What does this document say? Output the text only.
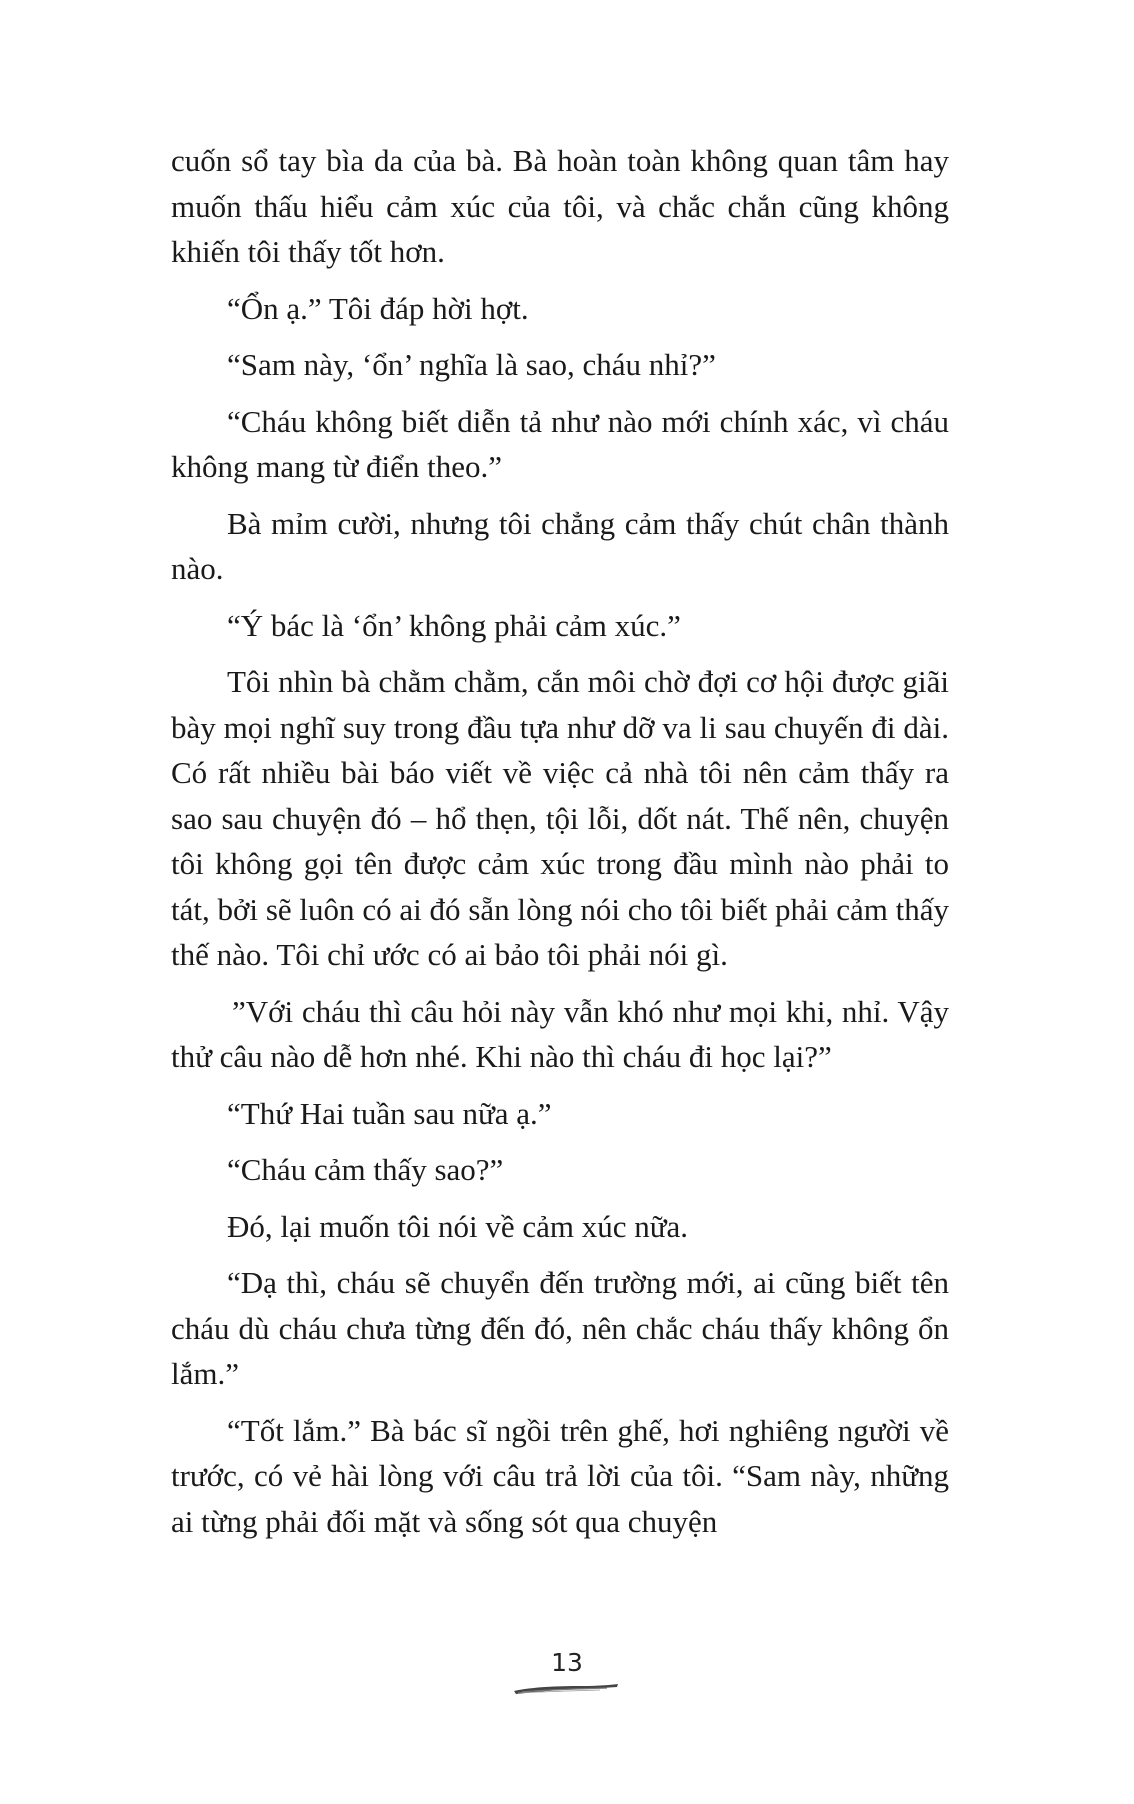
cuốn sổ tay bìa da của bà. Bà hoàn toàn không quan tâm hay muốn thấu hiểu cảm xúc của tôi, và chắc chắn cũng không khiến tôi thấy tốt hơn.

“Ổn ạ.” Tôi đáp hời hợt.

“Sam này, ‘ổn’ nghĩa là sao, cháu nhỉ?”

“Cháu không biết diễn tả như nào mới chính xác, vì cháu không mang từ điển theo.”

Bà mỉm cười, nhưng tôi chẳng cảm thấy chút chân thành nào.

“Ý bác là ‘ổn’ không phải cảm xúc.”

Tôi nhìn bà chằm chằm, cắn môi chờ đợi cơ hội được giãi bày mọi nghĩ suy trong đầu tựa như dỡ va li sau chuyến đi dài. Có rất nhiều bài báo viết về việc cả nhà tôi nên cảm thấy ra sao sau chuyện đó – hổ thẹn, tội lỗi, dốt nát. Thế nên, chuyện tôi không gọi tên được cảm xúc trong đầu mình nào phải to tát, bởi sẽ luôn có ai đó sẵn lòng nói cho tôi biết phải cảm thấy thế nào. Tôi chỉ ước có ai bảo tôi phải nói gì.

”Với cháu thì câu hỏi này vẫn khó như mọi khi, nhỉ. Vậy thử câu nào dễ hơn nhé. Khi nào thì cháu đi học lại?”

“Thứ Hai tuần sau nữa ạ.”

“Cháu cảm thấy sao?”

Đó, lại muốn tôi nói về cảm xúc nữa.

“Dạ thì, cháu sẽ chuyển đến trường mới, ai cũng biết tên cháu dù cháu chưa từng đến đó, nên chắc cháu thấy không ổn lắm.”

“Tốt lắm.” Bà bác sĩ ngồi trên ghế, hơi nghiêng người về trước, có vẻ hài lòng với câu trả lời của tôi. “Sam này, những ai từng phải đối mặt và sống sót qua chuyện

13
